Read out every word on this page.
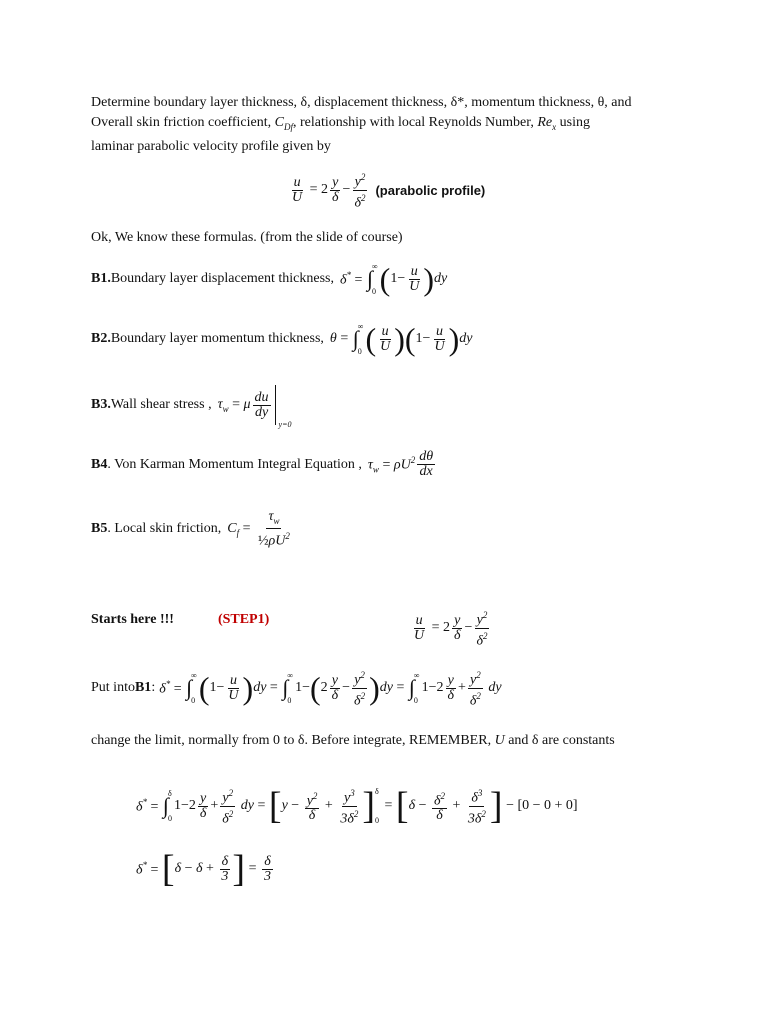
Determine boundary layer thickness, δ, displacement thickness, δ*, momentum thickness, θ, and
Overall skin friction coefficient, $C_{Df}$, relationship with local Reynolds Number, $Re_x$ using
laminar parabolic velocity profile given by
$\frac{u}{U} = 2 \frac{y}{\delta} - \frac{y^2}{\delta^2}$ (parabolic profile)
Ok, We know these formulas. (from the slide of course)
B1. Boundary layer displacement thickness, δ* = ∫ ∞
0 ( $1- \frac{u}{U}$ ) dy
B2. Boundary layer momentum thickness, θ = ∫ ∞
0 ( $\frac{u}{U}$ ) ( $1- \frac{u}{U}$ ) dy
B3. Wall shear stress , $\tau_w = \mu \frac{du}{dy}$
y=0
B4 . Von Karman Momentum Integral Equation , $\tau_w = \rho U^2 \frac{d\theta}{dx}$
B5 . Local skin friction, $C_f = \frac{\tau_w}{\frac{1}{2}\rho U^2}$
Starts here !!!	(STEP1)	$\frac{u}{U} = 2 \frac{y}{\delta} - \frac{y^2}{\delta^2}$
Put into B1 : δ* = ∫ ∞
0 ( $1- \frac{u}{U}$ ) dy = ∫ ∞
0
1− ( $2 \frac{y}{\delta} - \frac{y^2}{\delta^2}$ ) dy = ∫ ∞
0
$1-2 \frac{y}{\delta} + \frac{y^2}{\delta^2}$ dy
change the limit, normally from 0 to δ. Before integrate, REMEMBER, U and δ are constants
δ* = ∫ δ
0
$1-2 \frac{y}{\delta} + \frac{y^2}{\delta^2}$ dy = [ $y - \frac{y^2}{\delta} + \frac{y^3}{3\delta^2}$ ] δ
0
= [ $\delta - \frac{\delta^2}{\delta} + \frac{\delta^3}{3\delta^2}$ ] − [0 − 0 + 0]
δ* = [ $\delta - \delta + \frac{\delta}{3}$ ] = $\frac{\delta}{3}$
